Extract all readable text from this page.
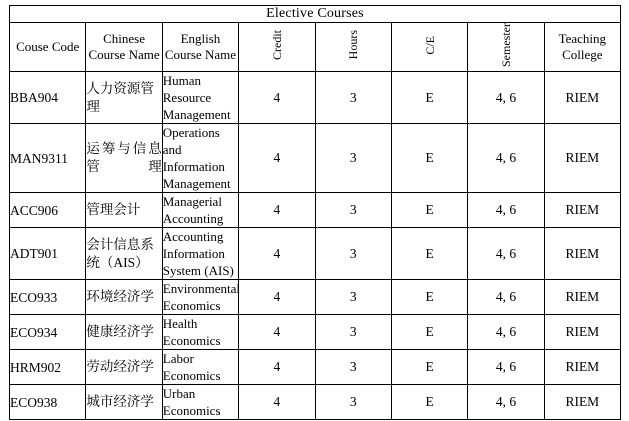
Elective Courses							
Couse Code	Chinese Course Name	English Course Name	Credit	Hours	C/E	Semester	Teaching College
BBA904	人力资源管理	Human Resource Management	4	3	E	4, 6	RIEM
MAN9311	运筹与信息管理	Operations and Information Management	4	3	E	4, 6	RIEM
ACC906	管理会计	Managerial Accounting	4	3	E	4, 6	RIEM
ADT901	会计信息系统（AIS）	Accounting Information System (AIS)	4	3	E	4, 6	RIEM
ECO933	环境经济学	Environmental Economics	4	3	E	4, 6	RIEM
ECO934	健康经济学	Health Economics	4	3	E	4, 6	RIEM
HRM902	劳动经济学	Labor Economics	4	3	E	4, 6	RIEM
ECO938	城市经济学	Urban Economics	4	3	E	4, 6	RIEM
